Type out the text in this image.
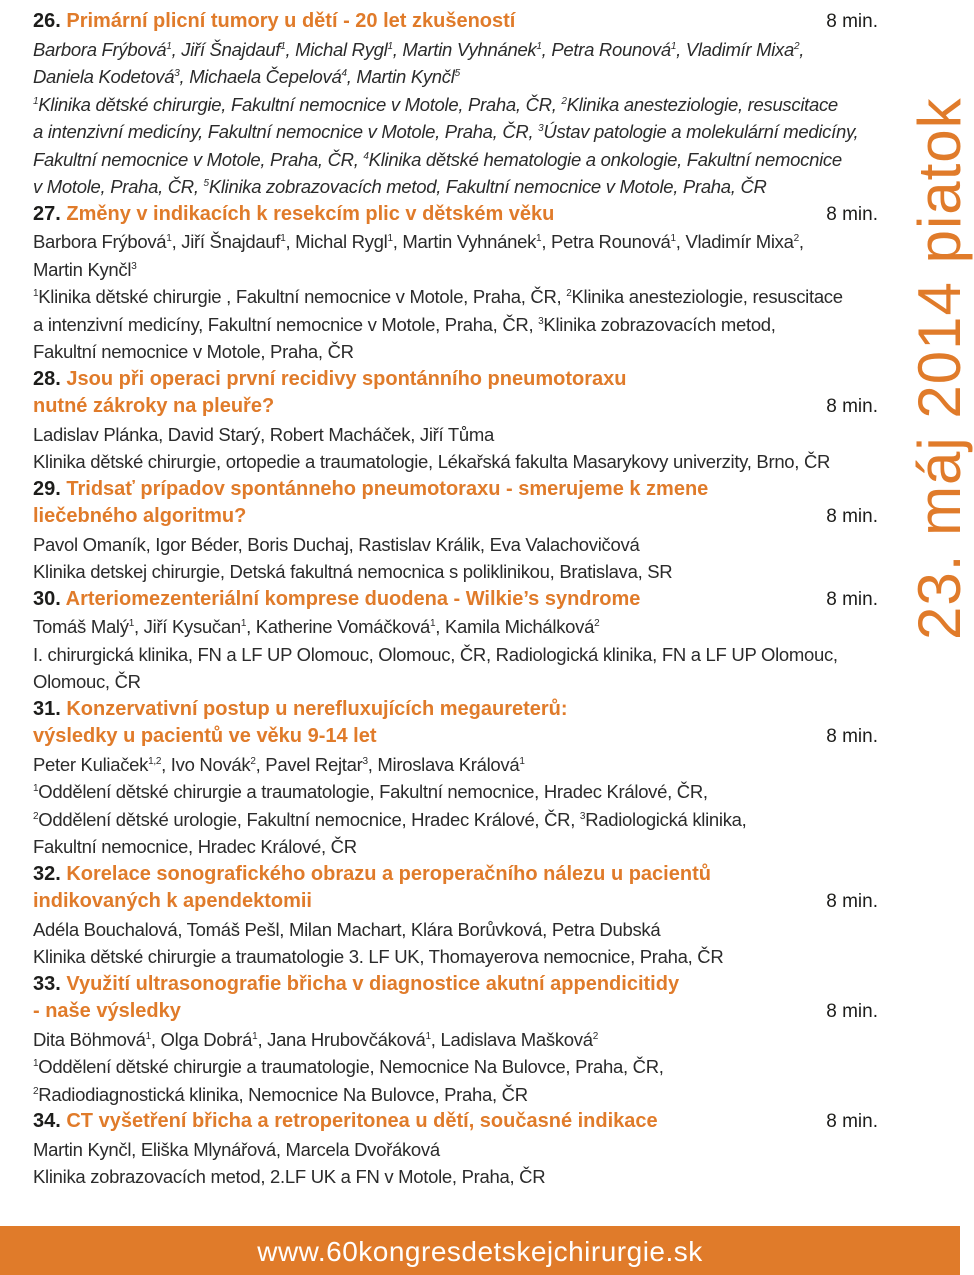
26. Primární plicní tumory u dětí - 20 let zkušeností	8 min.
Barbora Frýbová$^1$, Jiří Šnajdauf$^1$, Michal Rygl$^1$, Martin Vyhnánek$^1$, Petra Rounová$^1$, Vladimír Mixa$^2$,
Daniela Kodetová$^3$, Michaela Čepelová$^4$, Martin Kynčl$^5$
$^1$Klinika dětské chirurgie, Fakultní nemocnice v Motole, Praha, ČR, $^2$Klinika anesteziologie, resuscitace
a intenzivní medicíny, Fakultní nemocnice v Motole, Praha, ČR, $^3$Ústav patologie a molekulární medicíny,
Fakultní nemocnice v Motole, Praha, ČR, $^4$Klinika dětské hematologie a onkologie, Fakultní nemocnice
v Motole, Praha, ČR, $^5$Klinika zobrazovacích metod, Fakultní nemocnice v Motole, Praha, ČR
27. Změny v indikacích k resekcím plic v dětském věku	8 min.
Barbora Frýbová$^1$, Jiří Šnajdauf$^1$, Michal Rygl$^1$, Martin Vyhnánek$^1$, Petra Rounová$^1$, Vladimír Mixa$^2$,
Martin Kynčl$^3$
$^1$Klinika dětské chirurgie , Fakultní nemocnice v Motole, Praha, ČR, $^2$Klinika anesteziologie, resuscitace
a intenzivní medicíny, Fakultní nemocnice v Motole, Praha, ČR, $^3$Klinika zobrazovacích metod,
Fakultní nemocnice v Motole, Praha, ČR
28. Jsou při operaci první recidivy spontánního pneumotoraxu
nutné zákroky na pleuře?	8 min.
Ladislav Plánka, David Starý, Robert Macháček, Jiří Tůma
Klinika dětské chirurgie, ortopedie a traumatologie, Lékařská fakulta Masarykovy univerzity, Brno, ČR
29. Tridsať prípadov spontánneho pneumotoraxu - smerujeme k zmene
liečebného algoritmu?	8 min.
Pavol Omaník, Igor Béder, Boris Duchaj, Rastislav Králik, Eva Valachovičová
Klinika detskej chirurgie, Detská fakultná nemocnica s poliklinikou, Bratislava, SR
30. Arteriomezenteriální komprese duodena - Wilkie’s syndrome	8 min.
Tomáš Malý$^1$, Jiří Kysučan$^1$, Katherine Vomáčková$^1$, Kamila Michálková$^2$
I. chirurgická klinika, FN a LF UP Olomouc, Olomouc, ČR, Radiologická klinika, FN a LF UP Olomouc,
Olomouc, ČR
31. Konzervativní postup u nerefluxujících megaureterů:
výsledky u pacientů ve věku 9-14 let	8 min.
Peter Kuliaček$^{1,2}$, Ivo Novák$^2$, Pavel Rejtar$^3$, Miroslava Králová$^1$
$^1$Oddělení dětské chirurgie a traumatologie, Fakultní nemocnice, Hradec Králové, ČR,
$^2$Oddělení dětské urologie, Fakultní nemocnice, Hradec Králové, ČR, $^3$Radiologická klinika,
Fakultní nemocnice, Hradec Králové, ČR
32. Korelace sonografického obrazu a peroperačního nálezu u pacientů
indikovaných k apendektomii	8 min.
Adéla Bouchalová, Tomáš Pešl, Milan Machart, Klára Borůvková, Petra Dubská
Klinika dětské chirurgie a traumatologie 3. LF UK, Thomayerova nemocnice, Praha, ČR
33. Využití ultrasonografie břicha v diagnostice akutní appendicitidy
- naše výsledky	8 min.
Dita Böhmová$^1$, Olga Dobrá$^1$, Jana Hrubovčáková$^1$, Ladislava Mašková$^2$
$^1$Oddělení dětské chirurgie a traumatologie, Nemocnice Na Bulovce, Praha, ČR,
$^2$Radiodiagnostická klinika, Nemocnice Na Bulovce, Praha, ČR
34. CT vyšetření břicha a retroperitonea u dětí, současné indikace	8 min.
Martin Kynčl, Eliška Mlynářová, Marcela Dvořáková
Klinika zobrazovacích metod, 2.LF UK a FN v Motole, Praha, ČR
23. máj 2014 piatok
www.60kongresdetskejchirurgie.sk
